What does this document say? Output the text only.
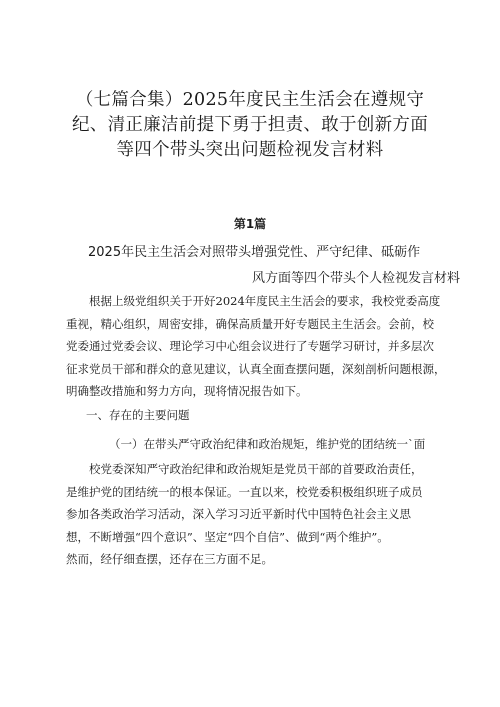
（七篇合集）2025年度民主生活会在遵规守
纪、清正廉洁前提下勇于担责、敢于创新方面
等四个带头突出问题检视发言材料
第1篇
2025年民主生活会对照带头增强党性、严守纪律、砥砺作
风方面等四个带头个人检视发言材料
根据上级党组织关于开好2024年度民主生活会的要求，我校党委高度
重视，精心组织，周密安排，确保高质量开好专题民主生活会。会前，校
党委通过党委会议、理论学习中心组会议进行了专题学习研讨，并多层次
征求党员干部和群众的意见建议，认真全面查摆问题，深刻剖析问题根源，
明确整改措施和努力方向，现将情况报告如下。
一、存在的主要问题
（一）在带头严守政治纪律和政治规矩，维护党的团结统一`面
校党委深知严守政治纪律和政治规矩是党员干部的首要政治责任，
是维护党的团结统一的根本保证。一直以来，校党委积极组织班子成员
参加各类政治学习活动，深入学习习近平新时代中国特色社会主义思
想，不断增强“四个意识”、坚定“四个自信”、做到“两个维护”。
然而，经仔细查摆，还存在三方面不足。
